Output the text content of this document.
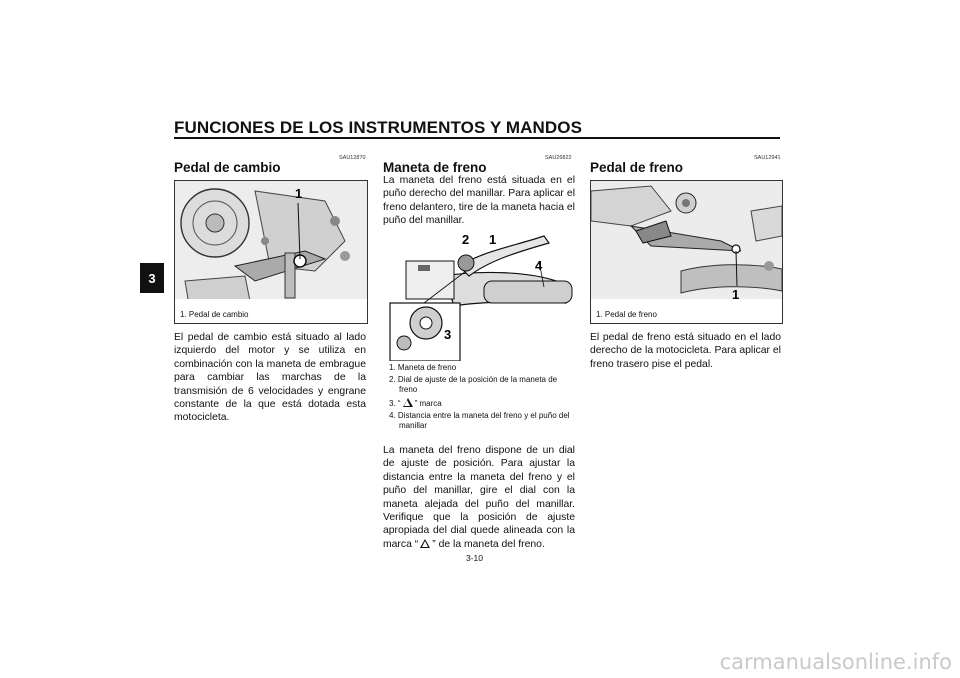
FUNCIONES DE LOS INSTRUMENTOS Y MANDOS
3
SAU12870
Pedal de cambio
1
1. Pedal de cambio
El pedal de cambio está situado al lado izquierdo del motor y se utiliza en combinación con la maneta de embrague para cambiar las marchas de la transmisión de 6 velocidades y engrane constante de la que está dotada esta motocicleta.
SAU26822
Maneta de freno
La maneta del freno está situada en el puño derecho del manillar. Para aplicar el freno delantero, tire de la maneta hacia el puño del manillar.
2 1
4
3
1. Maneta de freno
2. Dial de ajuste de la posición de la maneta de freno
3. “ ” marca
4. Distancia entre la maneta del freno y el puño del manillar
La maneta del freno dispone de un dial de ajuste de posición. Para ajustar la distancia entre la maneta del freno y el puño del manillar, gire el dial con la maneta alejada del puño del manillar. Verifique que la posición de ajuste apropiada del dial quede alineada con la marca “ ” de la maneta del freno.
SAU12941
Pedal de freno
1
1. Pedal de freno
El pedal de freno está situado en el lado derecho de la motocicleta. Para aplicar el freno trasero pise el pedal.
3-10
carmanualsonline.info
